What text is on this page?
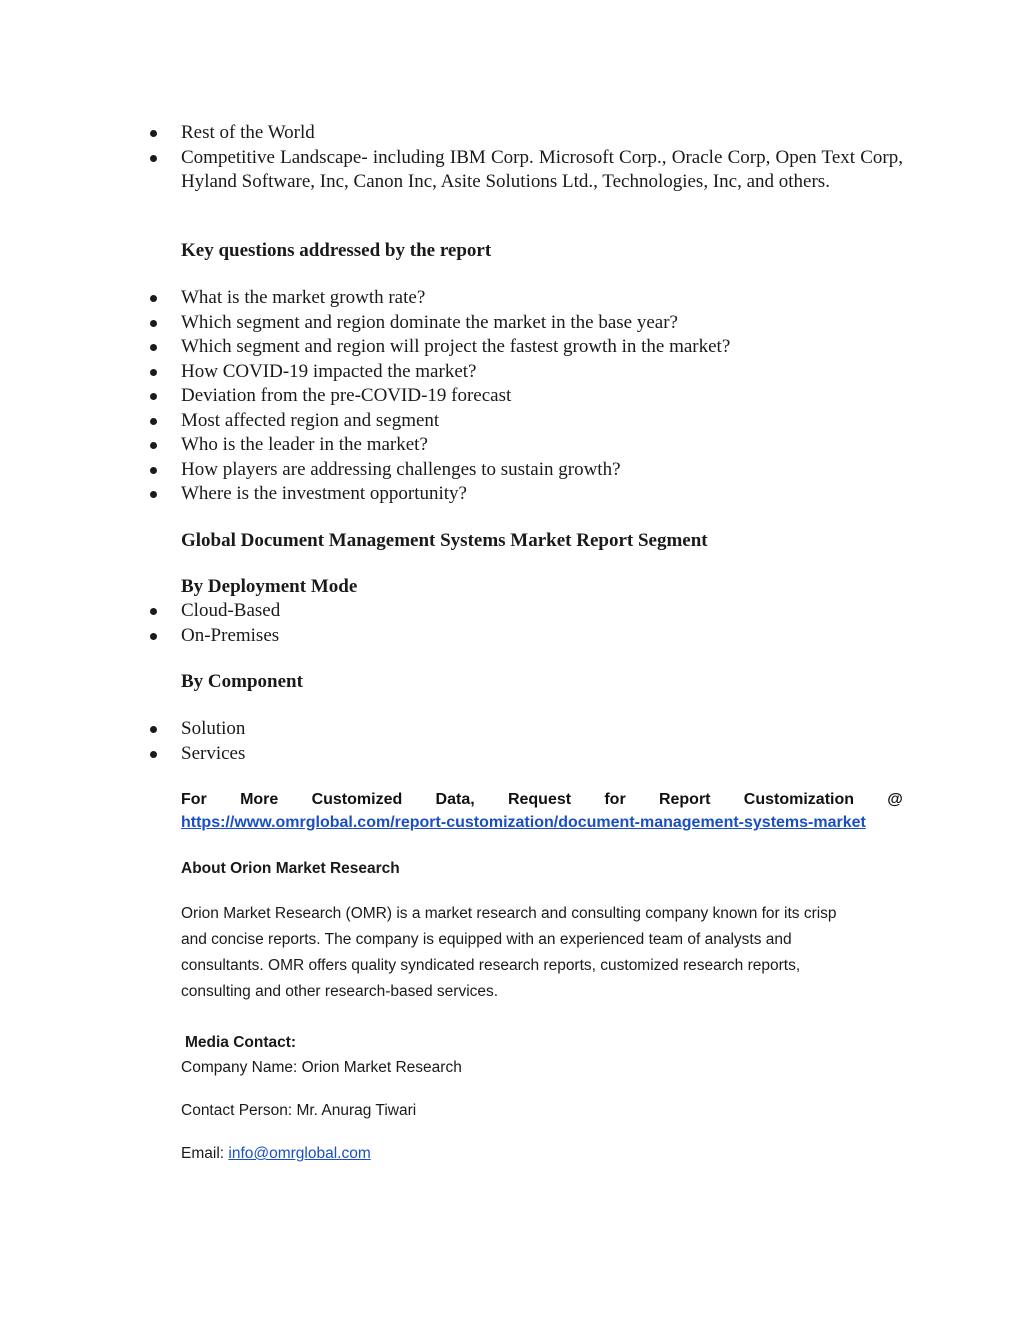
Rest of the World
Competitive Landscape- including IBM Corp. Microsoft Corp., Oracle Corp, Open Text Corp, Hyland Software, Inc, Canon Inc, Asite Solutions Ltd., Technologies, Inc, and others.
Key questions addressed by the report
What is the market growth rate?
Which segment and region dominate the market in the base year?
Which segment and region will project the fastest growth in the market?
How COVID-19 impacted the market?
Deviation from the pre-COVID-19 forecast
Most affected region and segment
Who is the leader in the market?
How players are addressing challenges to sustain growth?
Where is the investment opportunity?
Global Document Management Systems Market Report Segment
By Deployment Mode
Cloud-Based
On-Premises
By Component
Solution
Services
For More Customized Data, Request for Report Customization @
https://www.omrglobal.com/report-customization/document-management-systems-market
About Orion Market Research
Orion Market Research (OMR) is a market research and consulting company known for its crisp
and concise reports. The company is equipped with an experienced team of analysts and
consultants. OMR offers quality syndicated research reports, customized research reports,
consulting and other research-based services.
Media Contact:
Company Name: Orion Market Research
Contact Person: Mr. Anurag Tiwari
Email: info@omrglobal.com
